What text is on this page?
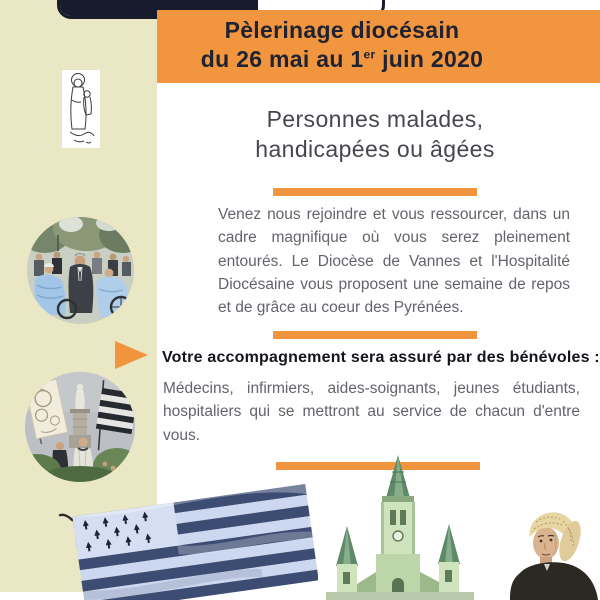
Pèlerinage diocésain
du 26 mai au 1er juin 2020
Personnes malades,
handicapées ou âgées
Venez nous rejoindre et vous ressourcer, dans un cadre magnifique où vous serez pleinement entourés. Le Diocèse de Vannes et l'Hospitalité Diocésaine vous proposent une semaine de repos et de grâce au coeur des Pyrénées.
Votre accompagnement sera assuré par des bénévoles :
Médecins, infirmiers, aides-soignants, jeunes étudiants, hospitaliers qui se mettront au service de chacun d'entre vous.
